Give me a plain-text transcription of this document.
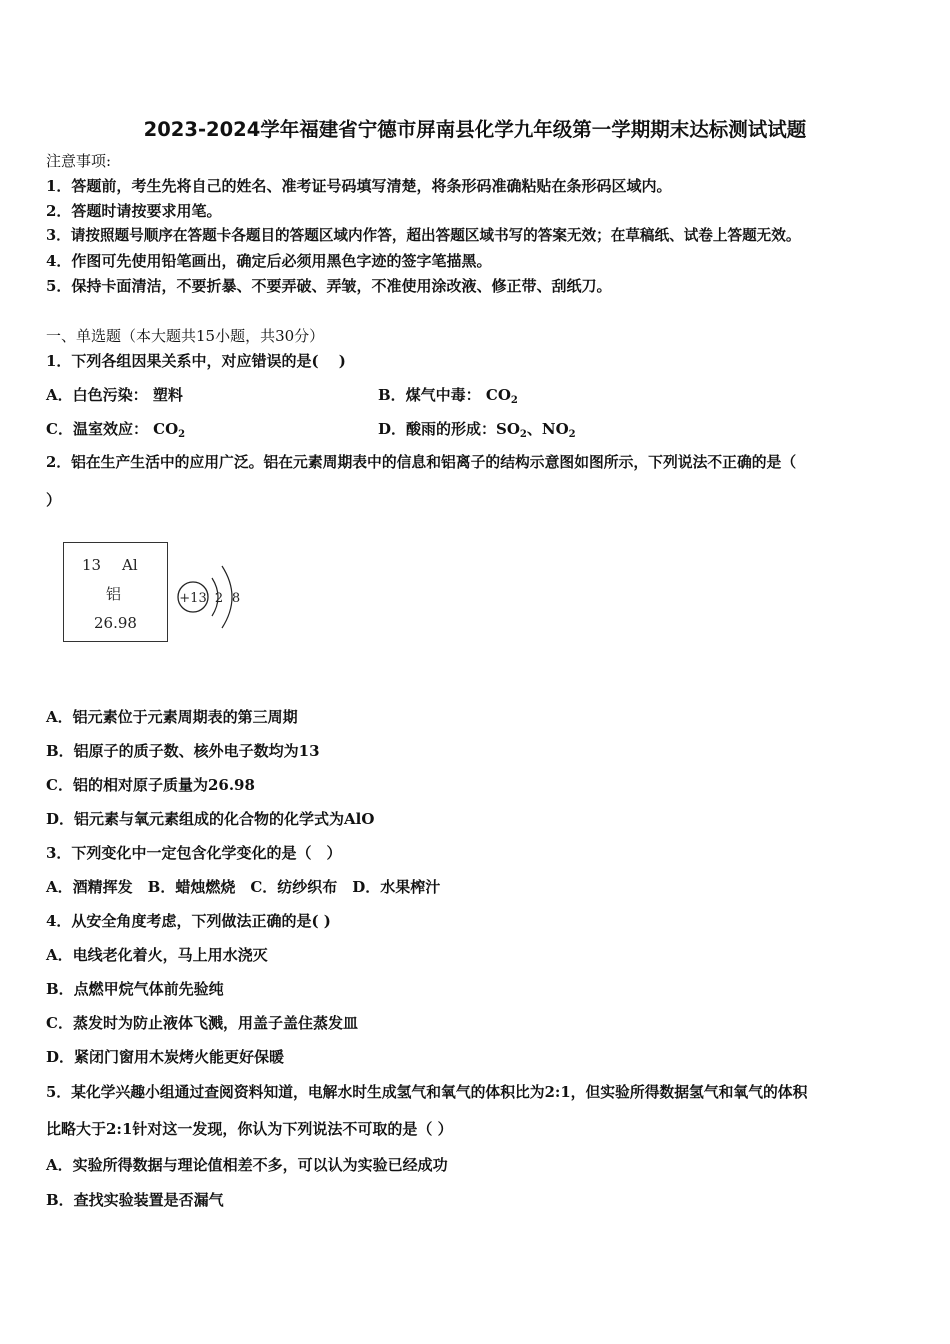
2023-2024学年福建省宁德市屏南县化学九年级第一学期期末达标测试试题
注意事项:
1．答题前，考生先将自己的姓名、准考证号码填写清楚，将条形码准确粘贴在条形码区域内。
2．答题时请按要求用笔。
3．请按照题号顺序在答题卡各题目的答题区域内作答，超出答题区域书写的答案无效；在草稿纸、试卷上答题无效。
4．作图可先使用铅笔画出，确定后必须用黑色字迹的签字笔描黑。
5．保持卡面清洁，不要折暴、不要弄破、弄皱，不准使用涂改液、修正带、刮纸刀。
一、单选题（本大题共15小题，共30分）
1．下列各组因果关系中，对应错误的是(　 )
A．白色污染： 塑料	B．煤气中毒： $CO_2$
C．温室效应： $CO_2$	D．酸雨的形成：$SO_2$、$NO_2$
2．铝在生产生活中的应用广泛。铝在元素周期表中的信息和铝离子的结构示意图如图所示，下列说法不正确的是（
）
13 Al
铝
26.98
+13 2 8
A．铝元素位于元素周期表的第三周期
B．铝原子的质子数、核外电子数均为13
C．铝的相对原子质量为26.98
D．铝元素与氧元素组成的化合物的化学式为AlO
3．下列变化中一定包含化学变化的是（　）
A．酒精挥发　B．蜡烛燃烧　C．纺纱织布　D．水果榨汁
4．从安全角度考虑，下列做法正确的是( )
A．电线老化着火，马上用水浇灭
B．点燃甲烷气体前先验纯
C．蒸发时为防止液体飞溅，用盖子盖住蒸发皿
D．紧闭门窗用木炭烤火能更好保暖
5．某化学兴趣小组通过查阅资料知道，电解水时生成氢气和氧气的体积比为2:1，但实验所得数据氢气和氧气的体积
比略大于2:1针对这一发现，你认为下列说法不可取的是（ ）
A．实验所得数据与理论值相差不多，可以认为实验已经成功
B．查找实验装置是否漏气
